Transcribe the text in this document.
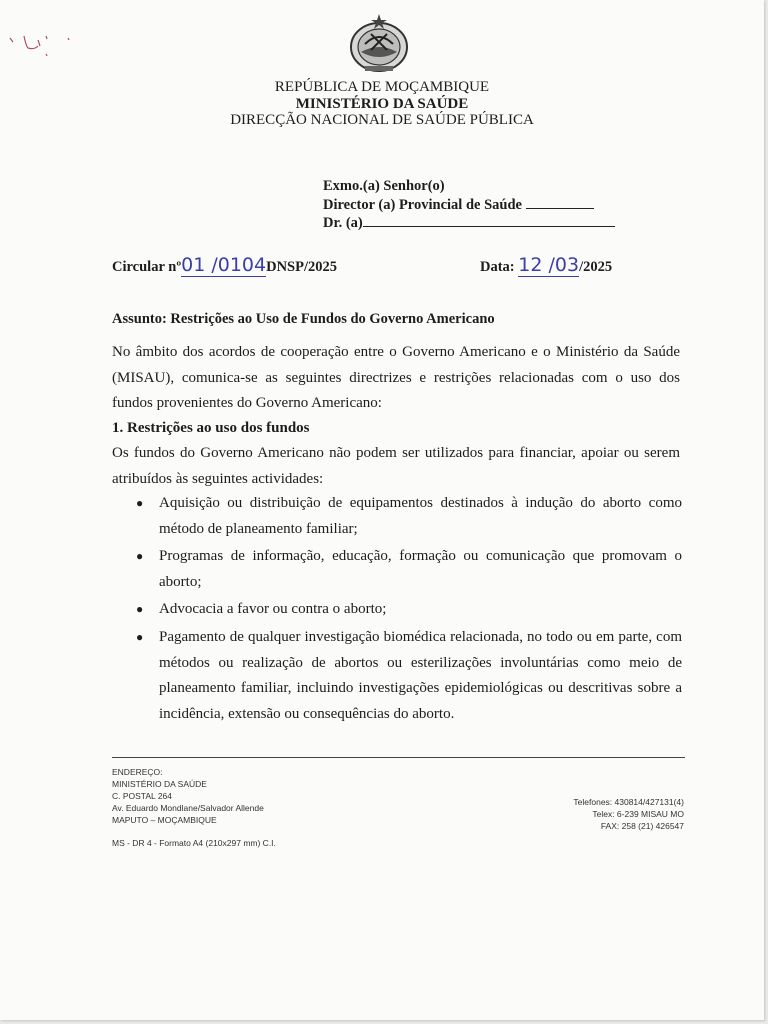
REPÚBLICA DE MOÇAMBIQUE
MINISTÉRIO DA SAÚDE
DIRECÇÃO NACIONAL DE SAÚDE PÚBLICA
Exmo.(a) Senhor(o)
Director (a) Provincial de Saúde
Dr. (a)
Circular nº01 /0104DNSP/2025	Data: 12 /03/2025
Assunto: Restrições ao Uso de Fundos do Governo Americano
No âmbito dos acordos de cooperação entre o Governo Americano e o Ministério da Saúde (MISAU), comunica-se as seguintes directrizes e restrições relacionadas com o uso dos fundos provenientes do Governo Americano:
1. Restrições ao uso dos fundos
Os fundos do Governo Americano não podem ser utilizados para financiar, apoiar ou serem atribuídos às seguintes actividades:
● Aquisição ou distribuição de equipamentos destinados à indução do aborto como método de planeamento familiar;
● Programas de informação, educação, formação ou comunicação que promovam o aborto;
● Advocacia a favor ou contra o aborto;
● Pagamento de qualquer investigação biomédica relacionada, no todo ou em parte, com métodos ou realização de abortos ou esterilizações involuntárias como meio de planeamento familiar, incluindo investigações epidemiológicas ou descritivas sobre a incidência, extensão ou consequências do aborto.
ENDEREÇO:
MINISTÉRIO DA SAÚDE
C. POSTAL 264
Av. Eduardo Mondlane/Salvador Allende
MAPUTO – MOÇAMBIQUE
Telefones: 430814/427131(4)
Telex: 6-239 MISAU MO
FAX: 258 (21) 426547
MS - DR 4 - Formato A4 (210x297 mm) C.I.
